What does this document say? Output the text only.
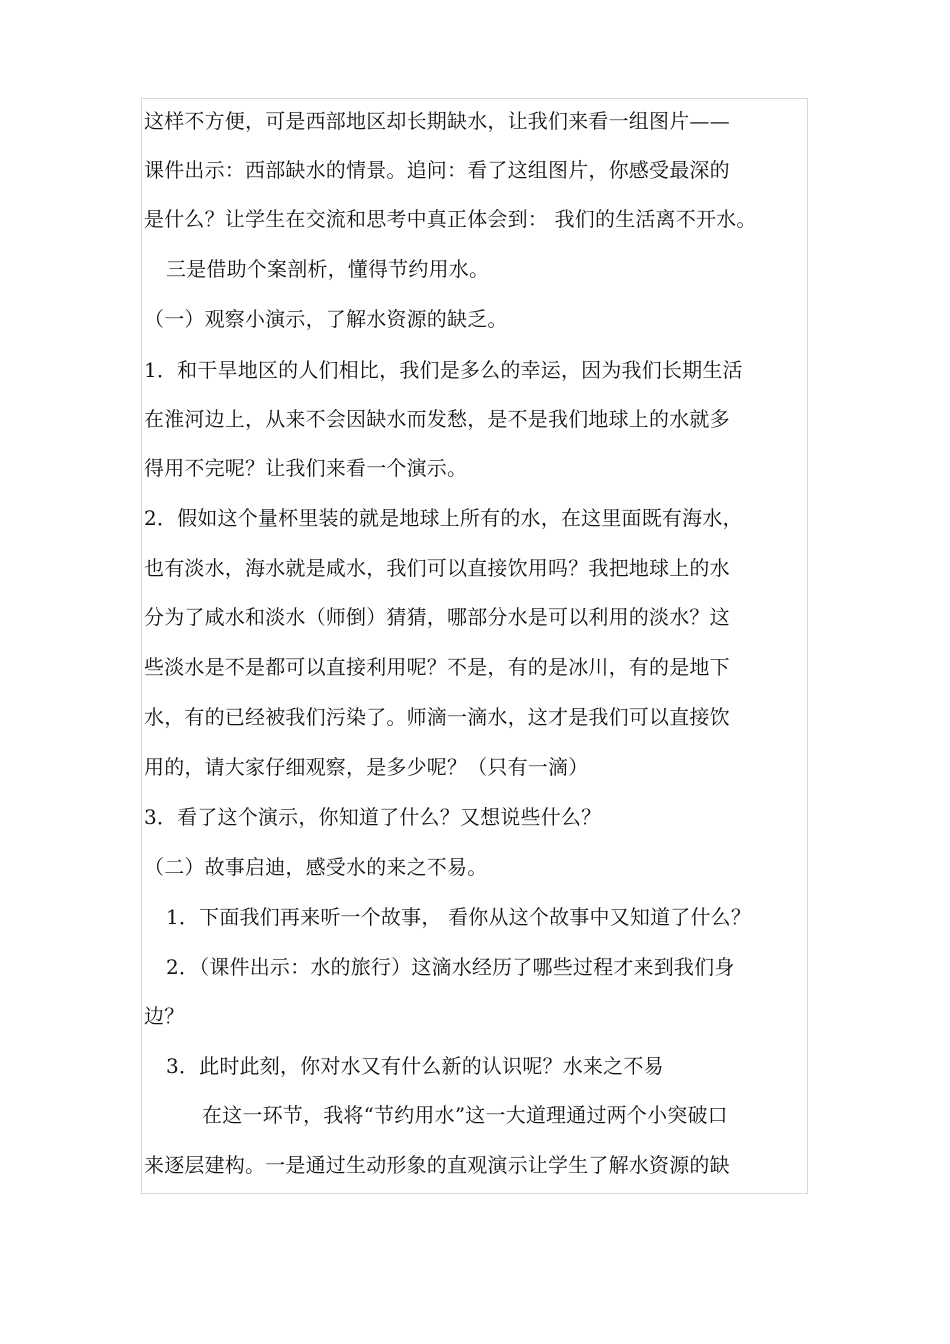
这样不方便，可是西部地区却长期缺水，让我们来看一组图片——
课件出示：西部缺水的情景。追问：看了这组图片，你感受最深的
是什么？让学生在交流和思考中真正体会到： 我们的生活离不开水。
三是借助个案剖析，懂得节约用水。
（一）观察小演示，了解水资源的缺乏。
1．和干旱地区的人们相比，我们是多么的幸运，因为我们长期生活
在淮河边上，从来不会因缺水而发愁，是不是我们地球上的水就多
得用不完呢？让我们来看一个演示。
2．假如这个量杯里装的就是地球上所有的水，在这里面既有海水，
也有淡水，海水就是咸水，我们可以直接饮用吗？我把地球上的水
分为了咸水和淡水（师倒）猜猜，哪部分水是可以利用的淡水？这
些淡水是不是都可以直接利用呢？不是，有的是冰川，有的是地下
水，有的已经被我们污染了。师滴一滴水，这才是我们可以直接饮
用的，请大家仔细观察，是多少呢？（只有一滴）
3．看了这个演示，你知道了什么？又想说些什么？
（二）故事启迪，感受水的来之不易。
1．下面我们再来听一个故事， 看你从这个故事中又知道了什么？
2．（课件出示：水的旅行）这滴水经历了哪些过程才来到我们身
边？
3．此时此刻，你对水又有什么新的认识呢？水来之不易
在这一环节，我将“节约用水”这一大道理通过两个小突破口
来逐层建构。一是通过生动形象的直观演示让学生了解水资源的缺
